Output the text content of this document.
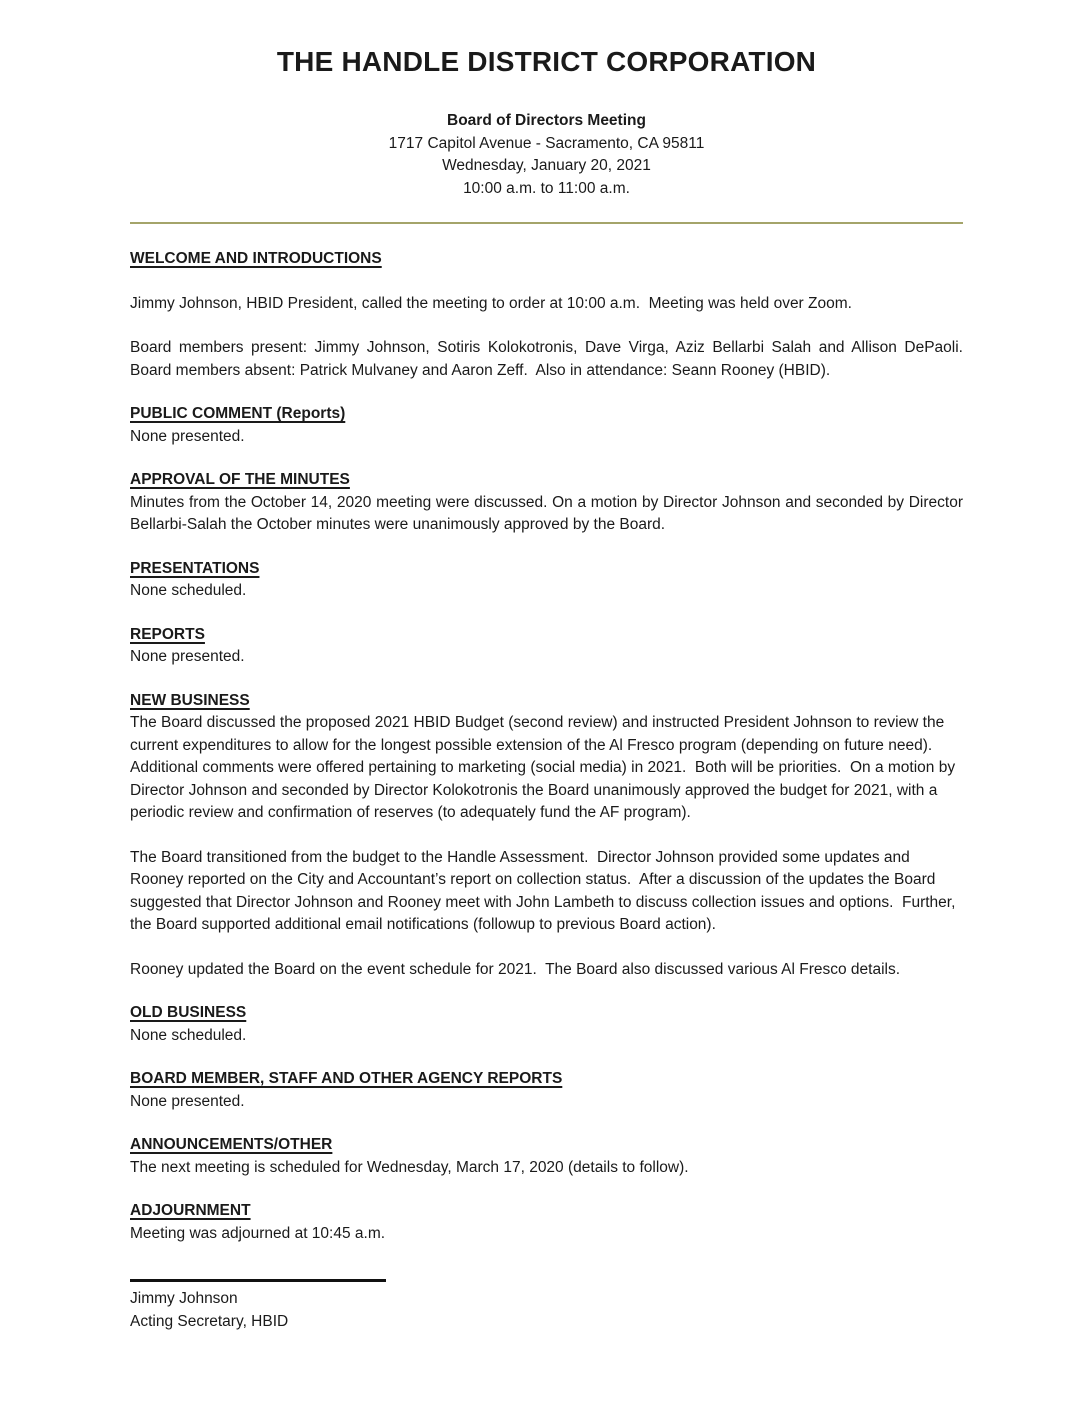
THE HANDLE DISTRICT CORPORATION
Board of Directors Meeting
1717 Capitol Avenue - Sacramento, CA 95811
Wednesday, January 20, 2021
10:00 a.m. to 11:00 a.m.
WELCOME AND INTRODUCTIONS

Jimmy Johnson, HBID President, called the meeting to order at 10:00 a.m.  Meeting was held over Zoom.

Board members present: Jimmy Johnson, Sotiris Kolokotronis, Dave Virga, Aziz Bellarbi Salah and Allison DePaoli.  Board members absent: Patrick Mulvaney and Aaron Zeff.  Also in attendance: Seann Rooney (HBID).

PUBLIC COMMENT (Reports)

None presented.

APPROVAL OF THE MINUTES

Minutes from the October 14, 2020 meeting were discussed. On a motion by Director Johnson and seconded by Director Bellarbi-Salah the October minutes were unanimously approved by the Board.

PRESENTATIONS

None scheduled.

REPORTS

None presented.

NEW BUSINESS

The Board discussed the proposed 2021 HBID Budget (second review) and instructed President Johnson to review the current expenditures to allow for the longest possible extension of the Al Fresco program (depending on future need).  Additional comments were offered pertaining to marketing (social media) in 2021.  Both will be priorities.  On a motion by Director Johnson and seconded by Director Kolokotronis the Board unanimously approved the budget for 2021, with a periodic review and confirmation of reserves (to adequately fund the AF program).

The Board transitioned from the budget to the Handle Assessment.  Director Johnson provided some updates and Rooney reported on the City and Accountant’s report on collection status.  After a discussion of the updates the Board suggested that Director Johnson and Rooney meet with John Lambeth to discuss collection issues and options.  Further, the Board supported additional email notifications (followup to previous Board action).

Rooney updated the Board on the event schedule for 2021.  The Board also discussed various Al Fresco details.

OLD BUSINESS

None scheduled.

BOARD MEMBER, STAFF AND OTHER AGENCY REPORTS

None presented.

ANNOUNCEMENTS/OTHER

The next meeting is scheduled for Wednesday, March 17, 2020 (details to follow).

ADJOURNMENT

Meeting was adjourned at 10:45 a.m.

Jimmy Johnson

Acting Secretary, HBID
